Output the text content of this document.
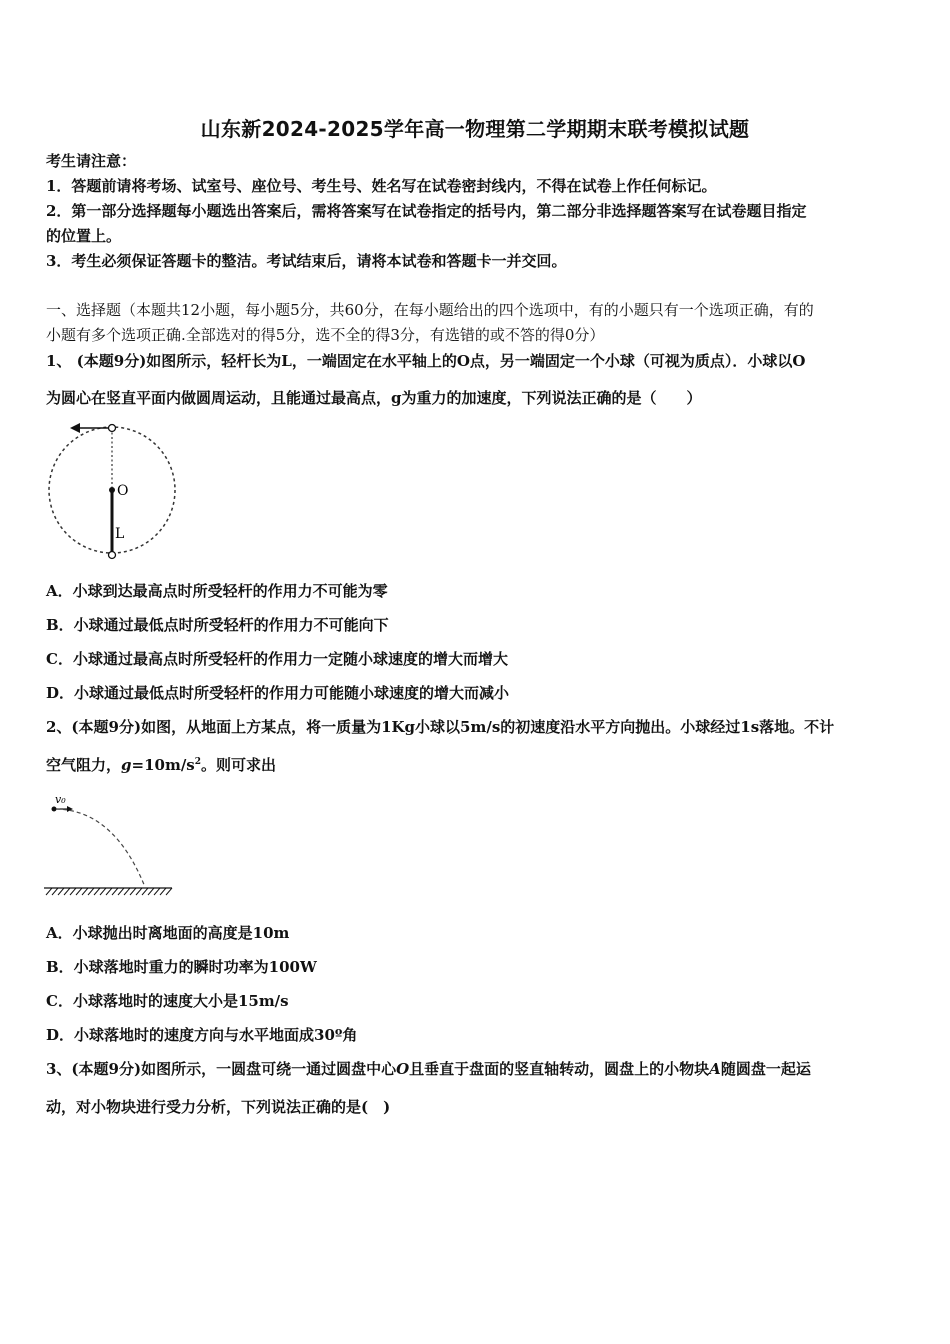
山东新2024-2025学年高一物理第二学期期末联考模拟试题
考生请注意：
1．答题前请将考场、试室号、座位号、考生号、姓名写在试卷密封线内，不得在试卷上作任何标记。
2．第一部分选择题每小题选出答案后，需将答案写在试卷指定的括号内，第二部分非选择题答案写在试卷题目指定
的位置上。
3．考生必须保证答题卡的整洁。考试结束后，请将本试卷和答题卡一并交回。
一、选择题（本题共12小题，每小题5分，共60分，在每小题给出的四个选项中，有的小题只有一个选项正确，有的
小题有多个选项正确.全部选对的得5分，选不全的得3分，有选错的或不答的得0分）
1、 (本题9分)如图所示，轻杆长为L，一端固定在水平轴上的O点，另一端固定一个小球（可视为质点）．小球以O
为圆心在竖直平面内做圆周运动，且能通过最高点，g为重力的加速度，下列说法正确的是（　　）
O
L
A．小球到达最高点时所受轻杆的作用力不可能为零
B．小球通过最低点时所受轻杆的作用力不可能向下
C．小球通过最高点时所受轻杆的作用力一定随小球速度的增大而增大
D．小球通过最低点时所受轻杆的作用力可能随小球速度的增大而减小
2、(本题9分)如图，从地面上方某点，将一质量为1Kg小球以5m/s的初速度沿水平方向抛出。小球经过1s落地。不计
空气阻力，$g=10m/s^2$。则可求出
v₀
A．小球抛出时离地面的高度是10m
B．小球落地时重力的瞬时功率为100W
C．小球落地时的速度大小是15m/s
D．小球落地时的速度方向与水平地面成30º角
3、(本题9分)如图所示，一圆盘可绕一通过圆盘中心O且垂直于盘面的竖直轴转动，圆盘上的小物块A随圆盘一起运
动，对小物块进行受力分析，下列说法正确的是(　)
